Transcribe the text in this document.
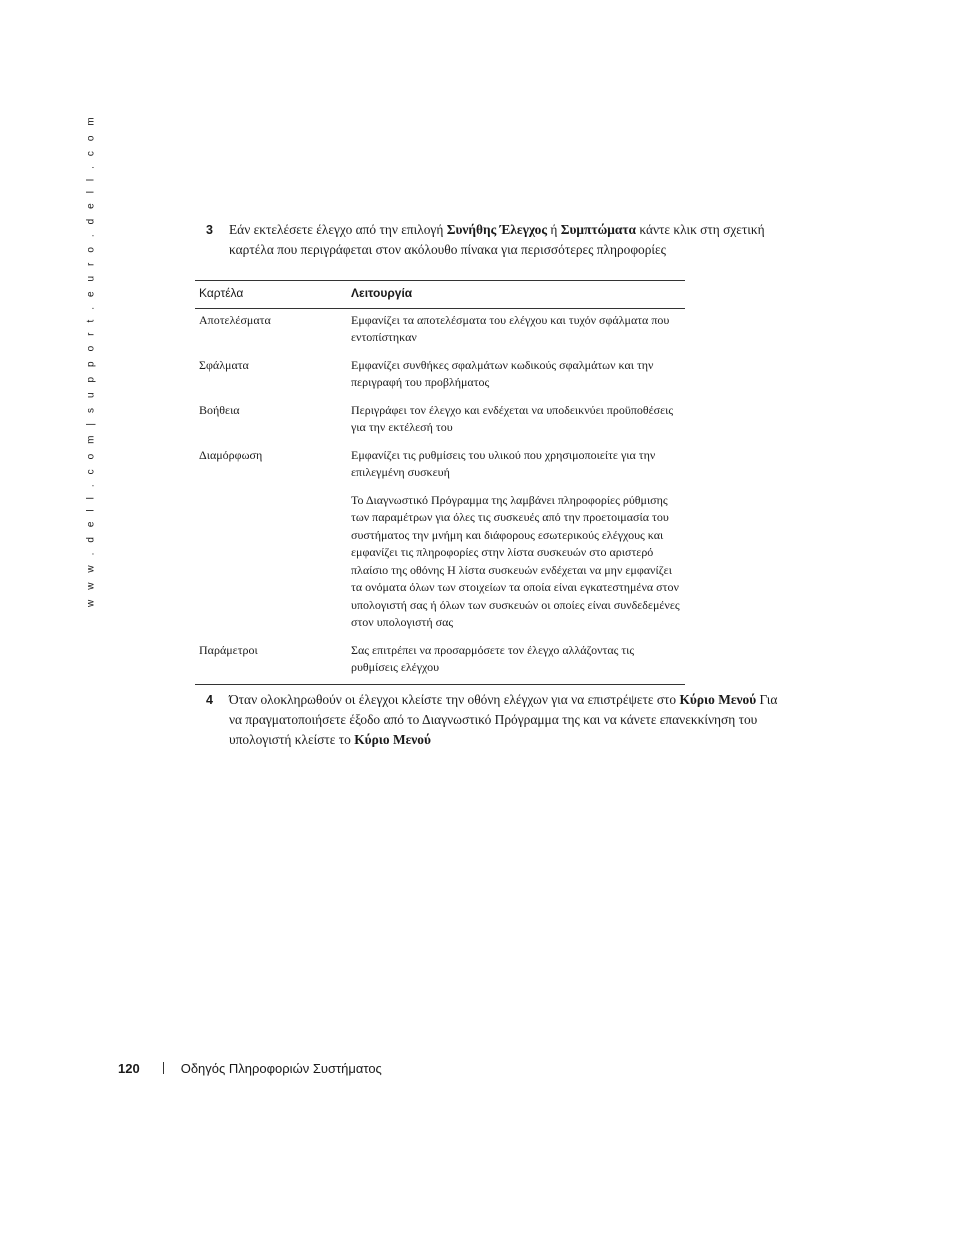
w w w . d e l l . c o m | s u p p o r t . e u r o . d e l l . c o m	3 Εάν εκτελέσετε έλεγχο από την επιλογή Συνήθης Έλεγχος ή Συμπτώματα κάντε κλικ στη σχετική καρτέλα που περιγράφεται στον ακόλουθο πίνακα για περισσότερες πληροφορίες
Καρτέλα	Λειτουργία
Αποτελέσματα	Εμφανίζει τα αποτελέσματα του ελέγχου και τυχόν σφάλματα που εντοπίστηκαν
Σφάλματα	Εμφανίζει συνθήκες σφαλμάτων κωδικούς σφαλμάτων και την περιγραφή του προβλήματος
Βοήθεια	Περιγράφει τον έλεγχο και ενδέχεται να υποδεικνύει προϋποθέσεις για την εκτέλεσή του
Διαμόρφωση	Εμφανίζει τις ρυθμίσεις του υλικού που χρησιμοποιείτε για την επιλεγμένη συσκευή
	Το Διαγνωστικό Πρόγραμμα της λαμβάνει πληροφορίες ρύθμισης των παραμέτρων για όλες τις συσκευές από την προετοιμασία του συστήματος την μνήμη και διάφορους εσωτερικούς ελέγχους και εμφανίζει τις πληροφορίες στην λίστα συσκευών στο αριστερό πλαίσιο της οθόνης Η λίστα συσκευών ενδέχεται να μην εμφανίζει τα ονόματα όλων των στοιχείων τα οποία είναι εγκατεστημένα στον υπολογιστή σας ή όλων των συσκευών οι οποίες είναι συνδεδεμένες στον υπολογιστή σας
Παράμετροι	Σας επιτρέπει να προσαρμόσετε τον έλεγχο αλλάζοντας τις ρυθμίσεις ελέγχου
4 Όταν ολοκληρωθούν οι έλεγχοι κλείστε την οθόνη ελέγχων για να επιστρέψετε στο Κύριο Μενού Για να πραγματοποιήσετε έξοδο από το Διαγνωστικό Πρόγραμμα της και να κάνετε επανεκκίνηση του υπολογιστή κλείστε το Κύριο Μενού
120	Οδηγός Πληροφοριών Συστήματος
